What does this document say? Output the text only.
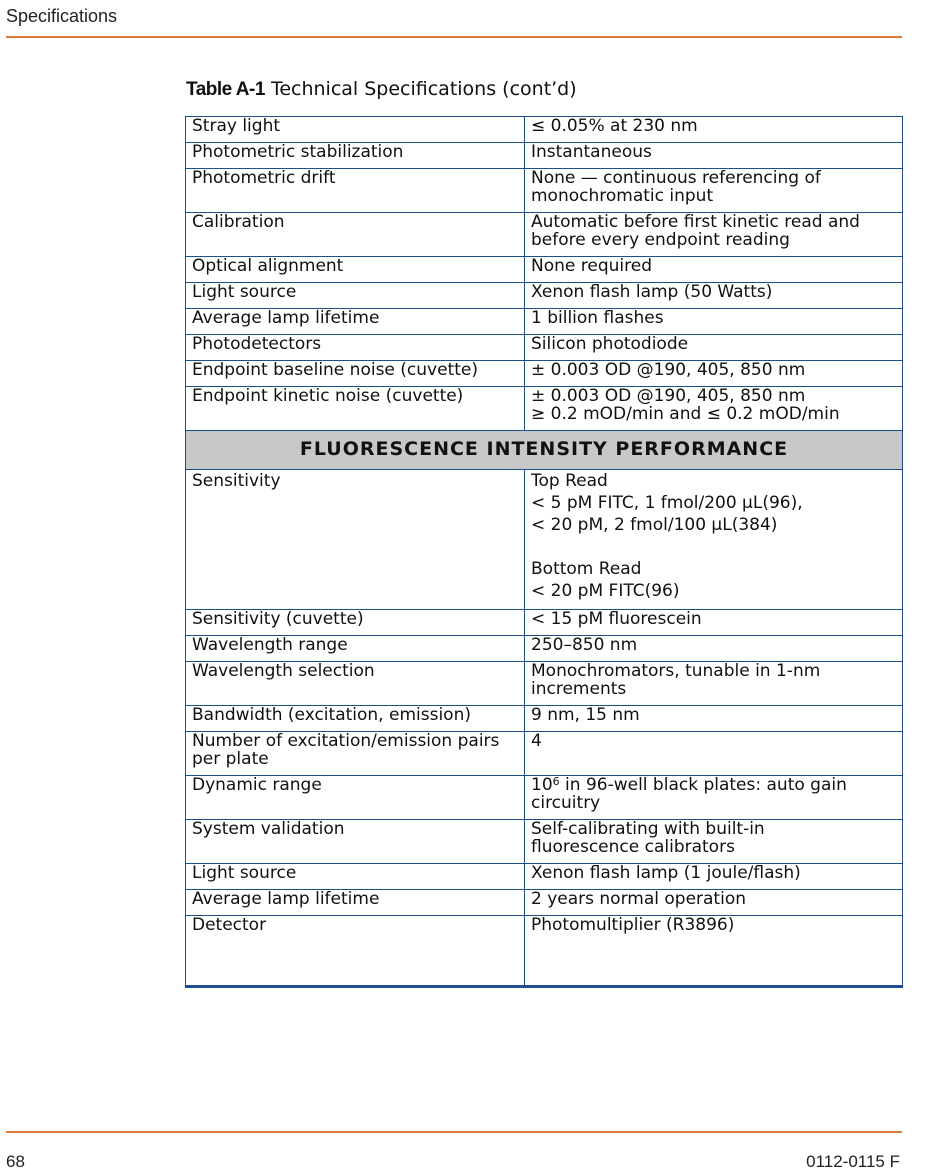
Specifications
Table A-1 Technical Specifications (cont’d)
Stray light	≤ 0.05% at 230 nm
Photometric stabilization	Instantaneous
Photometric drift	None — continuous referencing of
monochromatic input
Calibration	Automatic before first kinetic read and
before every endpoint reading
Optical alignment	None required
Light source	Xenon flash lamp (50 Watts)
Average lamp lifetime	1 billion flashes
Photodetectors	Silicon photodiode
Endpoint baseline noise (cuvette)	± 0.003 OD @190, 405, 850 nm
Endpoint kinetic noise (cuvette)	± 0.003 OD @190, 405, 850 nm
≥ 0.2 mOD/min and ≤ 0.2 mOD/min
FLUORESCENCE INTENSITY PERFORMANCE	
Sensitivity	Top Read
< 5 pM FITC, 1 fmol/200 µL(96),
< 20 pM, 2 fmol/100 µL(384)

Bottom Read
< 20 pM FITC(96)
Sensitivity (cuvette)	< 15 pM fluorescein
Wavelength range	250–850 nm
Wavelength selection	Monochromators, tunable in 1-nm
increments
Bandwidth (excitation, emission)	9 nm, 15 nm
Number of excitation/emission pairs
per plate	4
Dynamic range	$10^6$ in 96-well black plates: auto gain
circuitry
System validation	Self-calibrating with built-in
fluorescence calibrators
Light source	Xenon flash lamp (1 joule/flash)
Average lamp lifetime	2 years normal operation
Detector	Photomultiplier (R3896)
68	0112-0115 F
